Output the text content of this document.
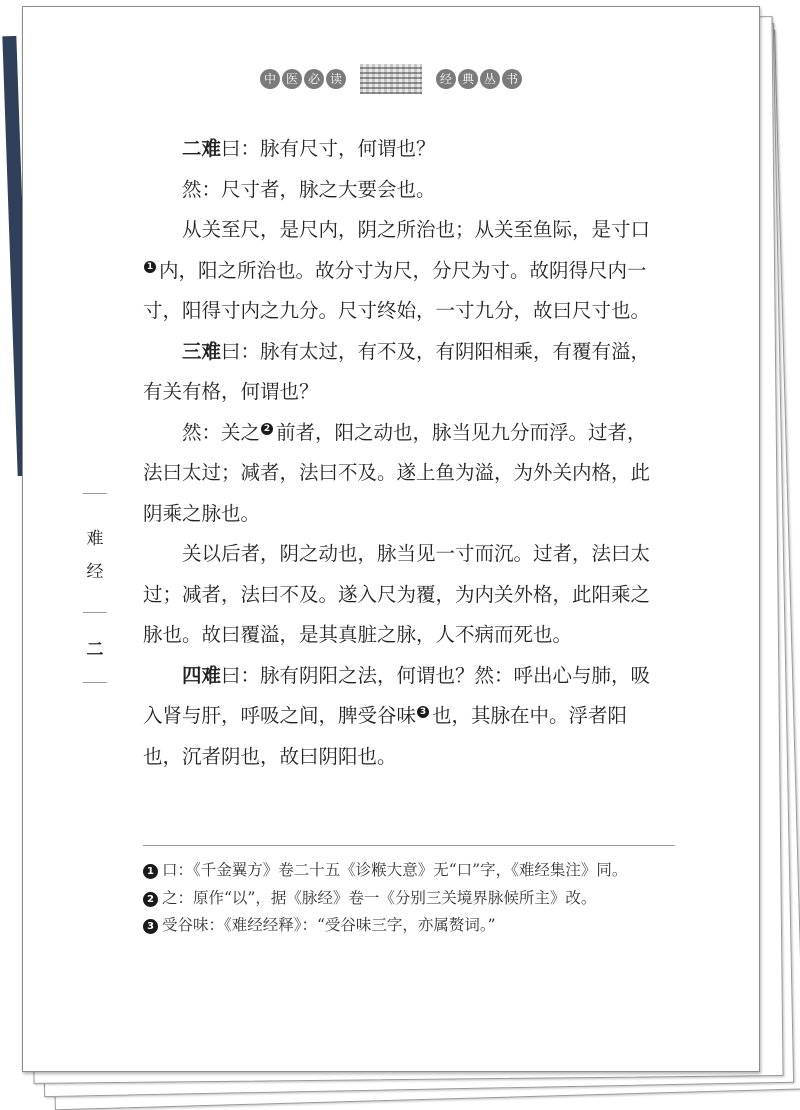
中 医 必 读	经 典 丛 书
难
经
二

二难曰：脉有尺寸，何谓也？

然：尺寸者，脉之大要会也。

从关至尺，是尺内，阴之所治也；从关至鱼际，是寸口1 内，阳之所治也。故分寸为尺，分尺为寸。故阴得尺内一寸，阳得寸内之九分。尺寸终始，一寸九分，故曰尺寸也。

三难曰：脉有太过，有不及，有阴阳相乘，有覆有溢，有关有格，何谓也？

然：关之 2 前者，阳之动也，脉当见九分而浮。过者，法曰太过；减者，法曰不及。遂上鱼为溢，为外关内格，此阴乘之脉也。

关以后者，阴之动也，脉当见一寸而沉。过者，法曰太过；减者，法曰不及。遂入尺为覆，为内关外格，此阳乘之脉也。故曰覆溢，是其真脏之脉，人不病而死也。

四难曰：脉有阴阳之法，何谓也？然：呼出心与肺，吸入肾与肝，呼吸之间，脾受谷味 3 也，其脉在中。浮者阳也，沉者阴也，故曰阴阳也。

1 口：《千金翼方》卷二十五《诊糇大意》无“口”字，《难经集注》同。

2 之：原作“以”，据《脉经》卷一《分别三关境界脉候所主》改。

3 受谷味：《难经经释》：“受谷味三字，亦属赘词。”
